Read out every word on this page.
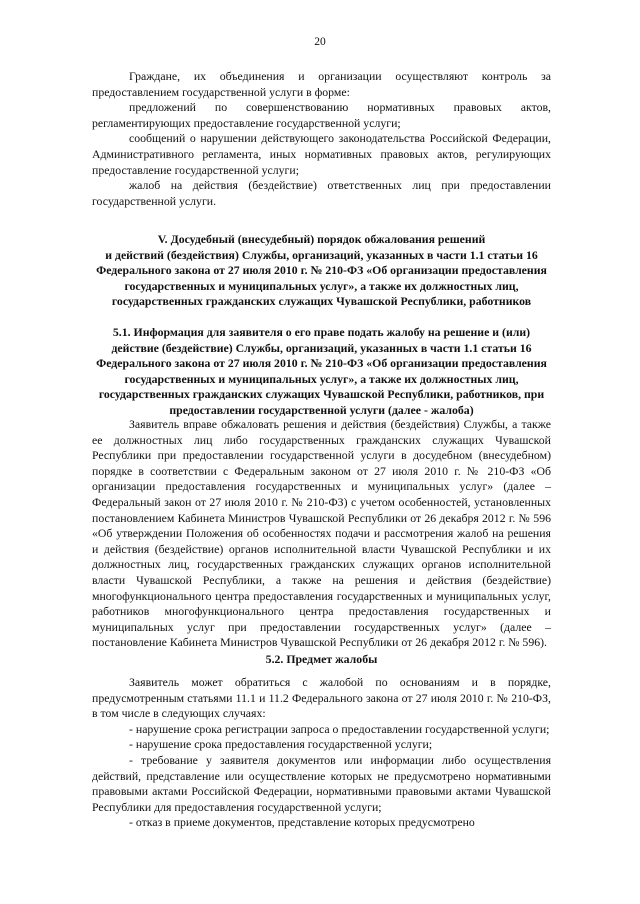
20

Граждане, их объединения и организации осуществляют контроль за предоставлением государственной услуги в форме:

предложений по совершенствованию нормативных правовых актов, регламентирующих предоставление государственной услуги;

сообщений о нарушении действующего законодательства Российской Федерации, Административного регламента, иных нормативных правовых актов, регулирующих предоставление государственной услуги;

жалоб на действия (бездействие) ответственных лиц при предоставлении государственной услуги.

V. Досудебный (внесудебный) порядок обжалования решений
и действий (бездействия) Службы, организаций, указанных в части 1.1 статьи 16
Федерального закона от 27 июля 2010 г. № 210-ФЗ «Об организации предоставления
государственных и муниципальных услуг», а также их должностных лиц,
государственных гражданских служащих Чувашской Республики, работников
5.1. Информация для заявителя о его праве подать жалобу на решение и (или)
действие (бездействие) Службы, организаций, указанных в части 1.1 статьи 16
Федерального закона от 27 июля 2010 г. № 210-ФЗ «Об организации предоставления
государственных и муниципальных услуг», а также их должностных лиц,
государственных гражданских служащих Чувашской Республики, работников, при
предоставлении государственной услуги (далее - жалоба)

Заявитель вправе обжаловать решения и действия (бездействия) Службы, а также ее должностных лиц либо государственных гражданских служащих Чувашской Республики при предоставлении государственной услуги в досудебном (внесудебном) порядке в соответствии с Федеральным законом от 27 июля 2010 г. № 210-ФЗ «Об организации предоставления государственных и муниципальных услуг» (далее – Федеральный закон от 27 июля 2010 г. № 210-ФЗ) с учетом особенностей, установленных постановлением Кабинета Министров Чувашской Республики от 26 декабря 2012 г. № 596 «Об утверждении Положения об особенностях подачи и рассмотрения жалоб на решения и действия (бездействие) органов исполнительной власти Чувашской Республики и их должностных лиц, государственных гражданских служащих органов исполнительной власти Чувашской Республики, а также на решения и действия (бездействие) многофункционального центра предоставления государственных и муниципальных услуг, работников многофункционального центра предоставления государственных и муниципальных услуг при предоставлении государственных услуг» (далее – постановление Кабинета Министров Чувашской Республики от 26 декабря 2012 г. № 596).

5.2. Предмет жалобы

Заявитель может обратиться с жалобой по основаниям и в порядке, предусмотренным статьями 11.1 и 11.2 Федерального закона от 27 июля 2010 г. № 210-ФЗ, в том числе в следующих случаях:

- нарушение срока регистрации запроса о предоставлении государственной услуги;

- нарушение срока предоставления государственной услуги;

- требование у заявителя документов или информации либо осуществления действий, представление или осуществление которых не предусмотрено нормативными правовыми актами Российской Федерации, нормативными правовыми актами Чувашской Республики для предоставления государственной услуги;

- отказ в приеме документов, представление которых предусмотрено
